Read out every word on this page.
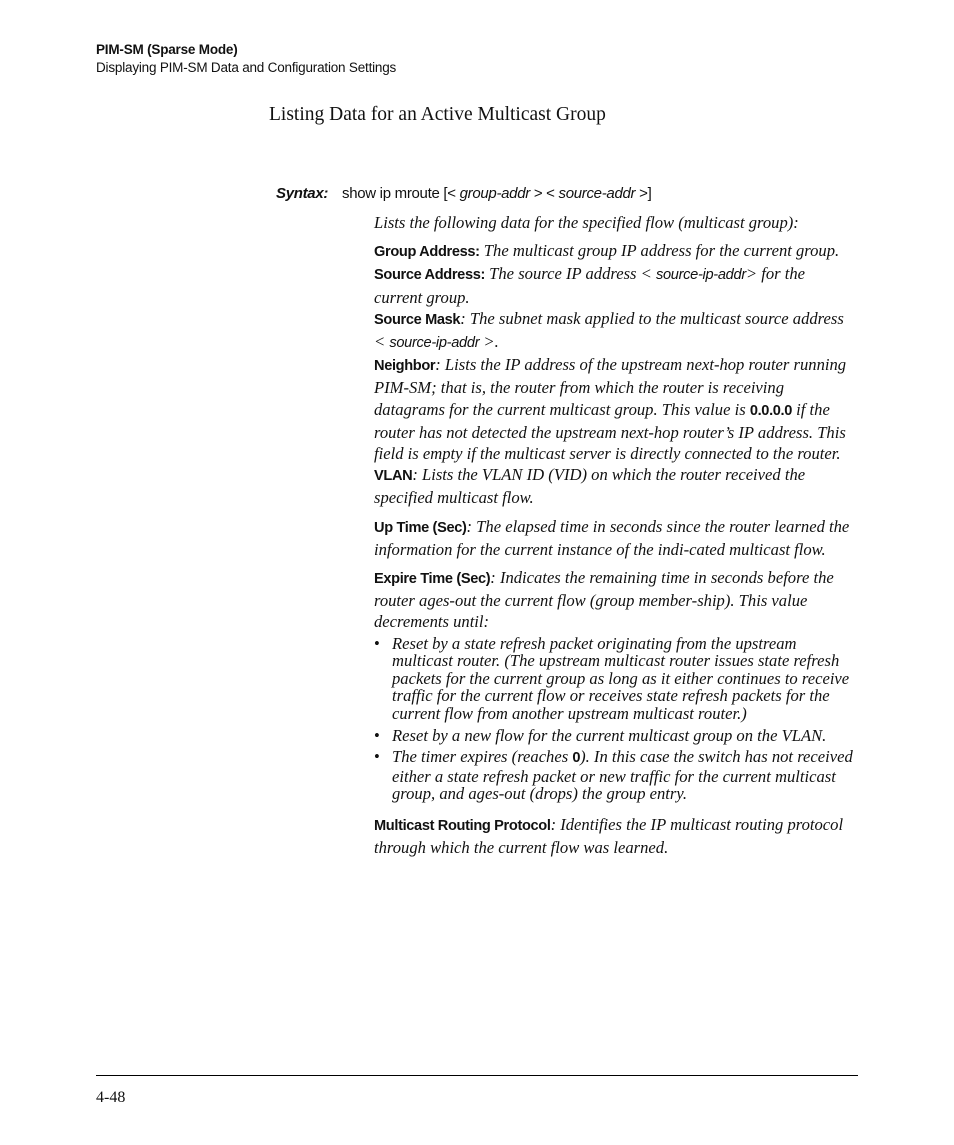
PIM-SM (Sparse Mode)
Displaying PIM-SM Data and Configuration Settings
Listing Data for an Active Multicast Group
Syntax: show ip mroute [< group-addr > < source-addr >]

Lists the following data for the specified flow (multicast group):

Group Address: The multicast group IP address for the current group.

Source Address: The source IP address < source-ip-addr> for the current group.

Source Mask: The subnet mask applied to the multicast source address < source-ip-addr >.

Neighbor: Lists the IP address of the upstream next-hop router running PIM-SM; that is, the router from which the router is receiving datagrams for the current multicast group. This value is 0.0.0.0 if the router has not detected the upstream next-hop router’s IP address. This field is empty if the multicast server is directly connected to the router.

VLAN: Lists the VLAN ID (VID) on which the router received the specified multicast flow.

Up Time (Sec): The elapsed time in seconds since the router learned the information for the current instance of the indi-cated multicast flow.

Expire Time (Sec): Indicates the remaining time in seconds before the router ages-out the current flow (group member-ship). This value decrements until:

• Reset by a state refresh packet originating from the upstream multicast router. (The upstream multicast router issues state refresh packets for the current group as long as it either continues to receive traffic for the current flow or receives state refresh packets for the current flow from another upstream multicast router.)
• Reset by a new flow for the current multicast group on the VLAN.
• The timer expires (reaches 0). In this case the switch has not received either a state refresh packet or new traffic for the current multicast group, and ages-out (drops) the group entry.

Multicast Routing Protocol: Identifies the IP multicast routing protocol through which the current flow was learned.

4-48
